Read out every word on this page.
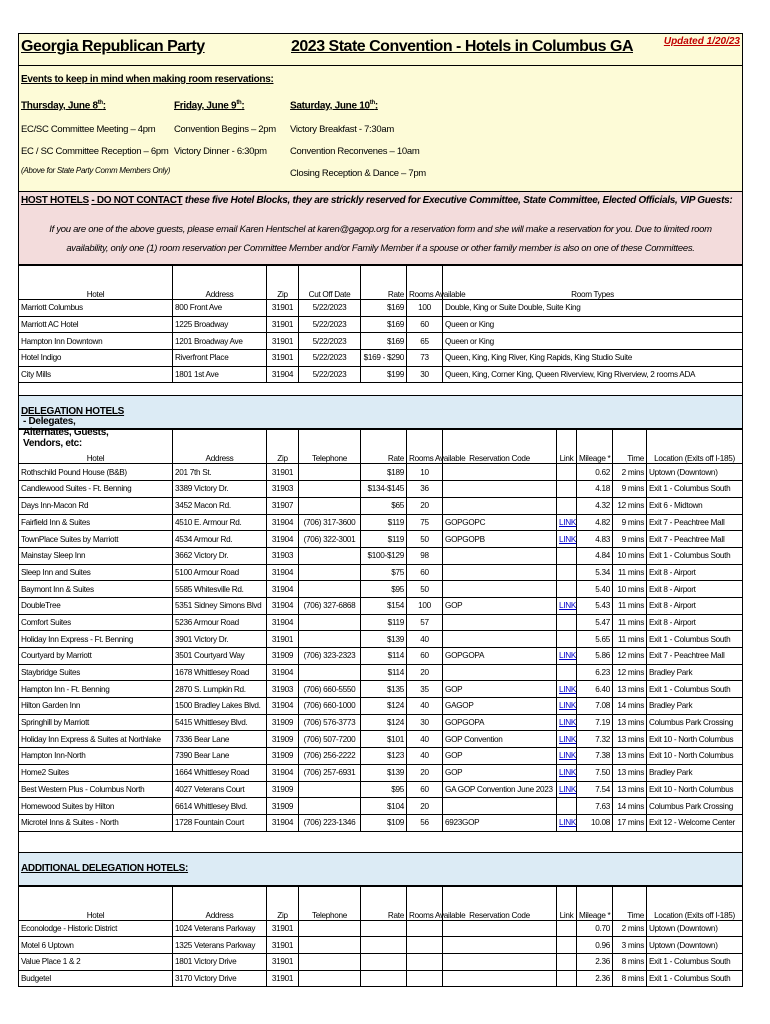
Georgia Republican Party	2023 State Convention - Hotels in Columbus GA	Updated 1/20/23
Events to keep in mind when making room reservations:
Thursday, June 8th:
EC/SC Committee Meeting – 4pm
EC / SC Committee Reception – 6pm
(Above for State Party Comm Members Only)
Friday, June 9th:
Convention Begins – 2pm
Victory Dinner - 6:30pm
Saturday, June 10th:
Victory Breakfast - 7:30am
Convention Reconvenes – 10am
Closing Reception & Dance – 7pm
HOST HOTELS - DO NOT CONTACT these five Hotel Blocks, they are strickly reserved for Executive Committee, State Committee, Elected Officials, VIP Guests:
If you are one of the above guests, please email Karen Hentschel at karen@gagop.org for a reservation form and she will make a reservation for you. Due to limited room availability, only one (1) room reservation per Committee Member and/or Family Member if a spouse or other family member is also on one of these Committees.
Hotel	Address	Zip	Cut Off Date	Rate	Rooms Available	Room Types
Marriott Columbus	800 Front Ave	31901	5/22/2023	$169	100	Double, King or Suite Double, Suite King
Marriott AC Hotel	1225 Broadway	31901	5/22/2023	$169	60	Queen or King
Hampton Inn Downtown	1201 Broadway Ave	31901	5/22/2023	$169	65	Queen or King
Hotel Indigo	Riverfront Place	31901	5/22/2023	$169 - $290	73	Queen, King, King River, King Rapids, King Studio Suite
City Mills	1801 1st Ave	31904	5/22/2023	$199	30	Queen, King, Corner King, Queen Riverview, King Riverview, 2 rooms ADA
DELEGATION HOTELS
- Delegates, Alternates, Guests, Vendors, etc:
Hotel	Address	Zip	Telephone	Rate	Rooms Available	Reservation Code	Link	Mileage *	Time	Location (Exits off I-185)
Rothschild Pound House (B&B)	201 7th St.	31901		$189	10			0.62	2 mins	Uptown (Downtown)
Candlewood Suites - Ft. Benning	3389 Victory Dr.	31903		$134-$145	36			4.18	9 mins	Exit 1 - Columbus South
Days Inn-Macon Rd	3452 Macon Rd.	31907		$65	20			4.32	12 mins	Exit 6 - Midtown
Fairfield Inn & Suites	4510 E. Armour Rd.	31904	(706) 317-3600	$119	75	GOPGOPC	LINK	4.82	9 mins	Exit 7 - Peachtree Mall
TownPlace Suites by Marriott	4534 Armour Rd.	31904	(706) 322-3001	$119	50	GOPGOPB	LINK	4.83	9 mins	Exit 7 - Peachtree Mall
Mainstay Sleep Inn	3662 Victory Dr.	31903		$100-$129	98			4.84	10 mins	Exit 1 - Columbus South
Sleep Inn and Suites	5100 Armour Road	31904		$75	60			5.34	11 mins	Exit 8 - Airport
Baymont Inn & Suites	5585 Whitesville Rd.	31904		$95	50			5.40	10 mins	Exit 8 - Airport
DoubleTree	5351 Sidney Simons Blvd	31904	(706) 327-6868	$154	100	GOP	LINK	5.43	11 mins	Exit 8 - Airport
Comfort Suites	5236 Armour Road	31904		$119	57			5.47	11 mins	Exit 8 - Airport
Holiday Inn Express - Ft. Benning	3901 Victory Dr.	31901		$139	40			5.65	11 mins	Exit 1 - Columbus South
Courtyard by Marriott	3501 Courtyard Way	31909	(706) 323-2323	$114	60	GOPGOPA	LINK	5.86	12 mins	Exit 7 - Peachtree Mall
Staybridge Suites	1678 Whittlesey Road	31904		$114	20			6.23	12 mins	Bradley Park
Hampton Inn - Ft. Benning	2870 S. Lumpkin Rd.	31903	(706) 660-5550	$135	35	GOP	LINK	6.40	13 mins	Exit 1 - Columbus South
Hilton Garden Inn	1500 Bradley Lakes Blvd.	31904	(706) 660-1000	$124	40	GAGOP	LINK	7.08	14 mins	Bradley Park
Springhill by Marriott	5415 Whittlesey Blvd.	31909	(706) 576-3773	$124	30	GOPGOPA	LINK	7.19	13 mins	Columbus Park Crossing
Holiday Inn Express & Suites at Northlake	7336 Bear Lane	31909	(706) 507-7200	$101	40	GOP Convention	LINK	7.32	13 mins	Exit 10 - North Columbus
Hampton Inn-North	7390 Bear Lane	31909	(706) 256-2222	$123	40	GOP	LINK	7.38	13 mins	Exit 10 - North Columbus
Home2 Suites	1664 Whittlesey Road	31904	(706) 257-6931	$139	20	GOP	LINK	7.50	13 mins	Bradley Park
Best Western Plus - Columbus North	4027 Veterans Court	31909		$95	60	GA GOP Convention June 2023	LINK	7.54	13 mins	Exit 10 - North Columbus
Homewood Suites by Hilton	6614 Whittlesey Blvd.	31909		$104	20			7.63	14 mins	Columbus Park Crossing
Microtel Inns & Suites - North	1728 Fountain Court	31904	(706) 223-1346	$109	56	6923GOP	LINK	10.08	17 mins	Exit 12 - Welcome Center
ADDITIONAL DELEGATION HOTELS:
Hotel	Address	Zip	Telephone	Rate	Rooms Available	Reservation Code	Link	Mileage *	Time	Location (Exits off I-185)
Econolodge - Historic District	1024 Veterans Parkway	31901						0.70	2 mins	Uptown (Downtown)
Motel 6 Uptown	1325 Veterans Parkway	31901						0.96	3 mins	Uptown (Downtown)
Value Place 1 & 2	1801 Victory Drive	31901						2.36	8 mins	Exit 1 - Columbus South
Budgetel	3170 Victory Drive	31901						2.36	8 mins	Exit 1 - Columbus South
